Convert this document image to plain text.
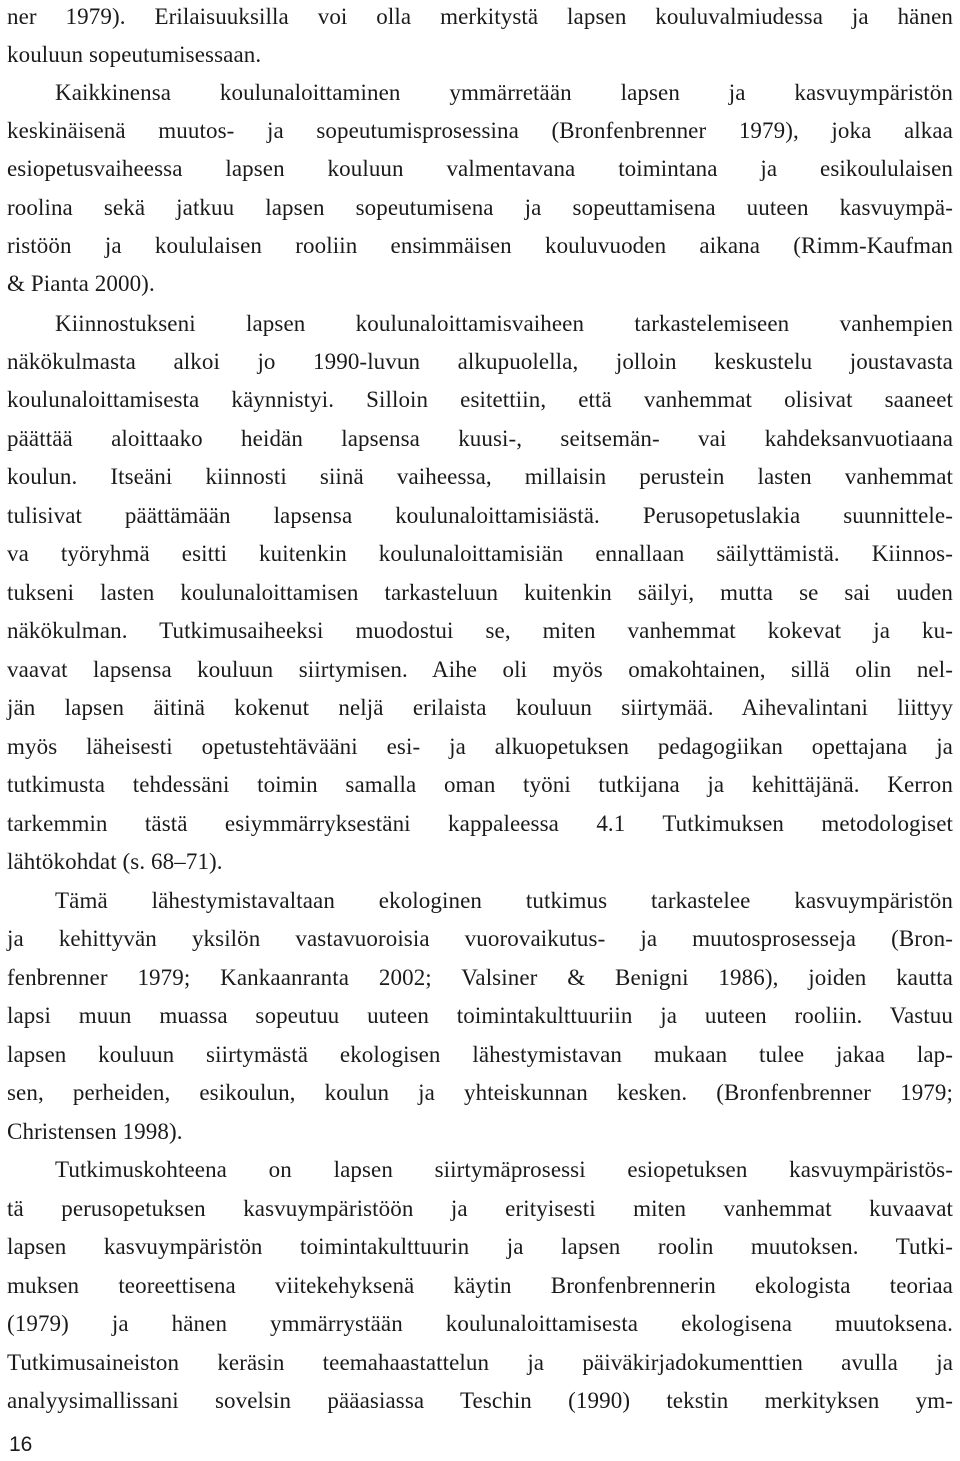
ner 1979). Erilaisuuksilla voi olla merkitystä lapsen kouluvalmiudessa ja hänen
kouluun sopeutumisessaan.
Kaikkinensa koulunaloittaminen ymmärretään lapsen ja kasvuympäristön
keskinäisenä muutos- ja sopeutumisprosessina (Bronfenbrenner 1979), joka alkaa
esiopetusvaiheessa lapsen kouluun valmentavana toimintana ja esikoululaisen
roolina sekä jatkuu lapsen sopeutumisena ja sopeuttamisena uuteen kasvuympä-
ristöön ja koululaisen rooliin ensimmäisen kouluvuoden aikana (Rimm-Kaufman
& Pianta 2000).
Kiinnostukseni lapsen koulunaloittamisvaiheen tarkastelemiseen vanhempien
näkökulmasta alkoi jo 1990-luvun alkupuolella, jolloin keskustelu joustavasta
koulunaloittamisesta käynnistyi. Silloin esitettiin, että vanhemmat olisivat saaneet
päättää aloittaako heidän lapsensa kuusi-, seitsemän- vai kahdeksanvuotiaana
koulun. Itseäni kiinnosti siinä vaiheessa, millaisin perustein lasten vanhemmat
tulisivat päättämään lapsensa koulunaloittamisiästä. Perusopetuslakia suunnittele-
va työryhmä esitti kuitenkin koulunaloittamisiän ennallaan säilyttämistä. Kiinnos-
tukseni lasten koulunaloittamisen tarkasteluun kuitenkin säilyi, mutta se sai uuden
näkökulman. Tutkimusaiheeksi muodostui se, miten vanhemmat kokevat ja ku-
vaavat lapsensa kouluun siirtymisen. Aihe oli myös omakohtainen, sillä olin nel-
jän lapsen äitinä kokenut neljä erilaista kouluun siirtymää. Aihevalintani liittyy
myös läheisesti opetustehtävääni esi- ja alkuopetuksen pedagogiikan opettajana ja
tutkimusta tehdessäni toimin samalla oman työni tutkijana ja kehittäjänä. Kerron
tarkemmin tästä esiymmärryksestäni kappaleessa 4.1 Tutkimuksen metodologiset
lähtökohdat (s. 68–71).
Tämä lähestymistavaltaan ekologinen tutkimus tarkastelee kasvuympäristön
ja kehittyvän yksilön vastavuoroisia vuorovaikutus- ja muutosprosesseja (Bron-
fenbrenner 1979; Kankaanranta 2002; Valsiner & Benigni 1986), joiden kautta
lapsi muun muassa sopeutuu uuteen toimintakulttuuriin ja uuteen rooliin. Vastuu
lapsen kouluun siirtymästä ekologisen lähestymistavan mukaan tulee jakaa lap-
sen, perheiden, esikoulun, koulun ja yhteiskunnan kesken. (Bronfenbrenner 1979;
Christensen 1998).
Tutkimuskohteena on lapsen siirtymäprosessi esiopetuksen kasvuympäristös-
tä perusopetuksen kasvuympäristöön ja erityisesti miten vanhemmat kuvaavat
lapsen kasvuympäristön toimintakulttuurin ja lapsen roolin muutoksen. Tutki-
muksen teoreettisena viitekehyksenä käytin Bronfenbrennerin ekologista teoriaa
(1979) ja hänen ymmärrystään koulunaloittamisesta ekologisena muutoksena.
Tutkimusaineiston keräsin teemahaastattelun ja päiväkirjadokumenttien avulla ja
analyysimallissani sovelsin pääasiassa Teschin (1990) tekstin merkityksen ym-
16
